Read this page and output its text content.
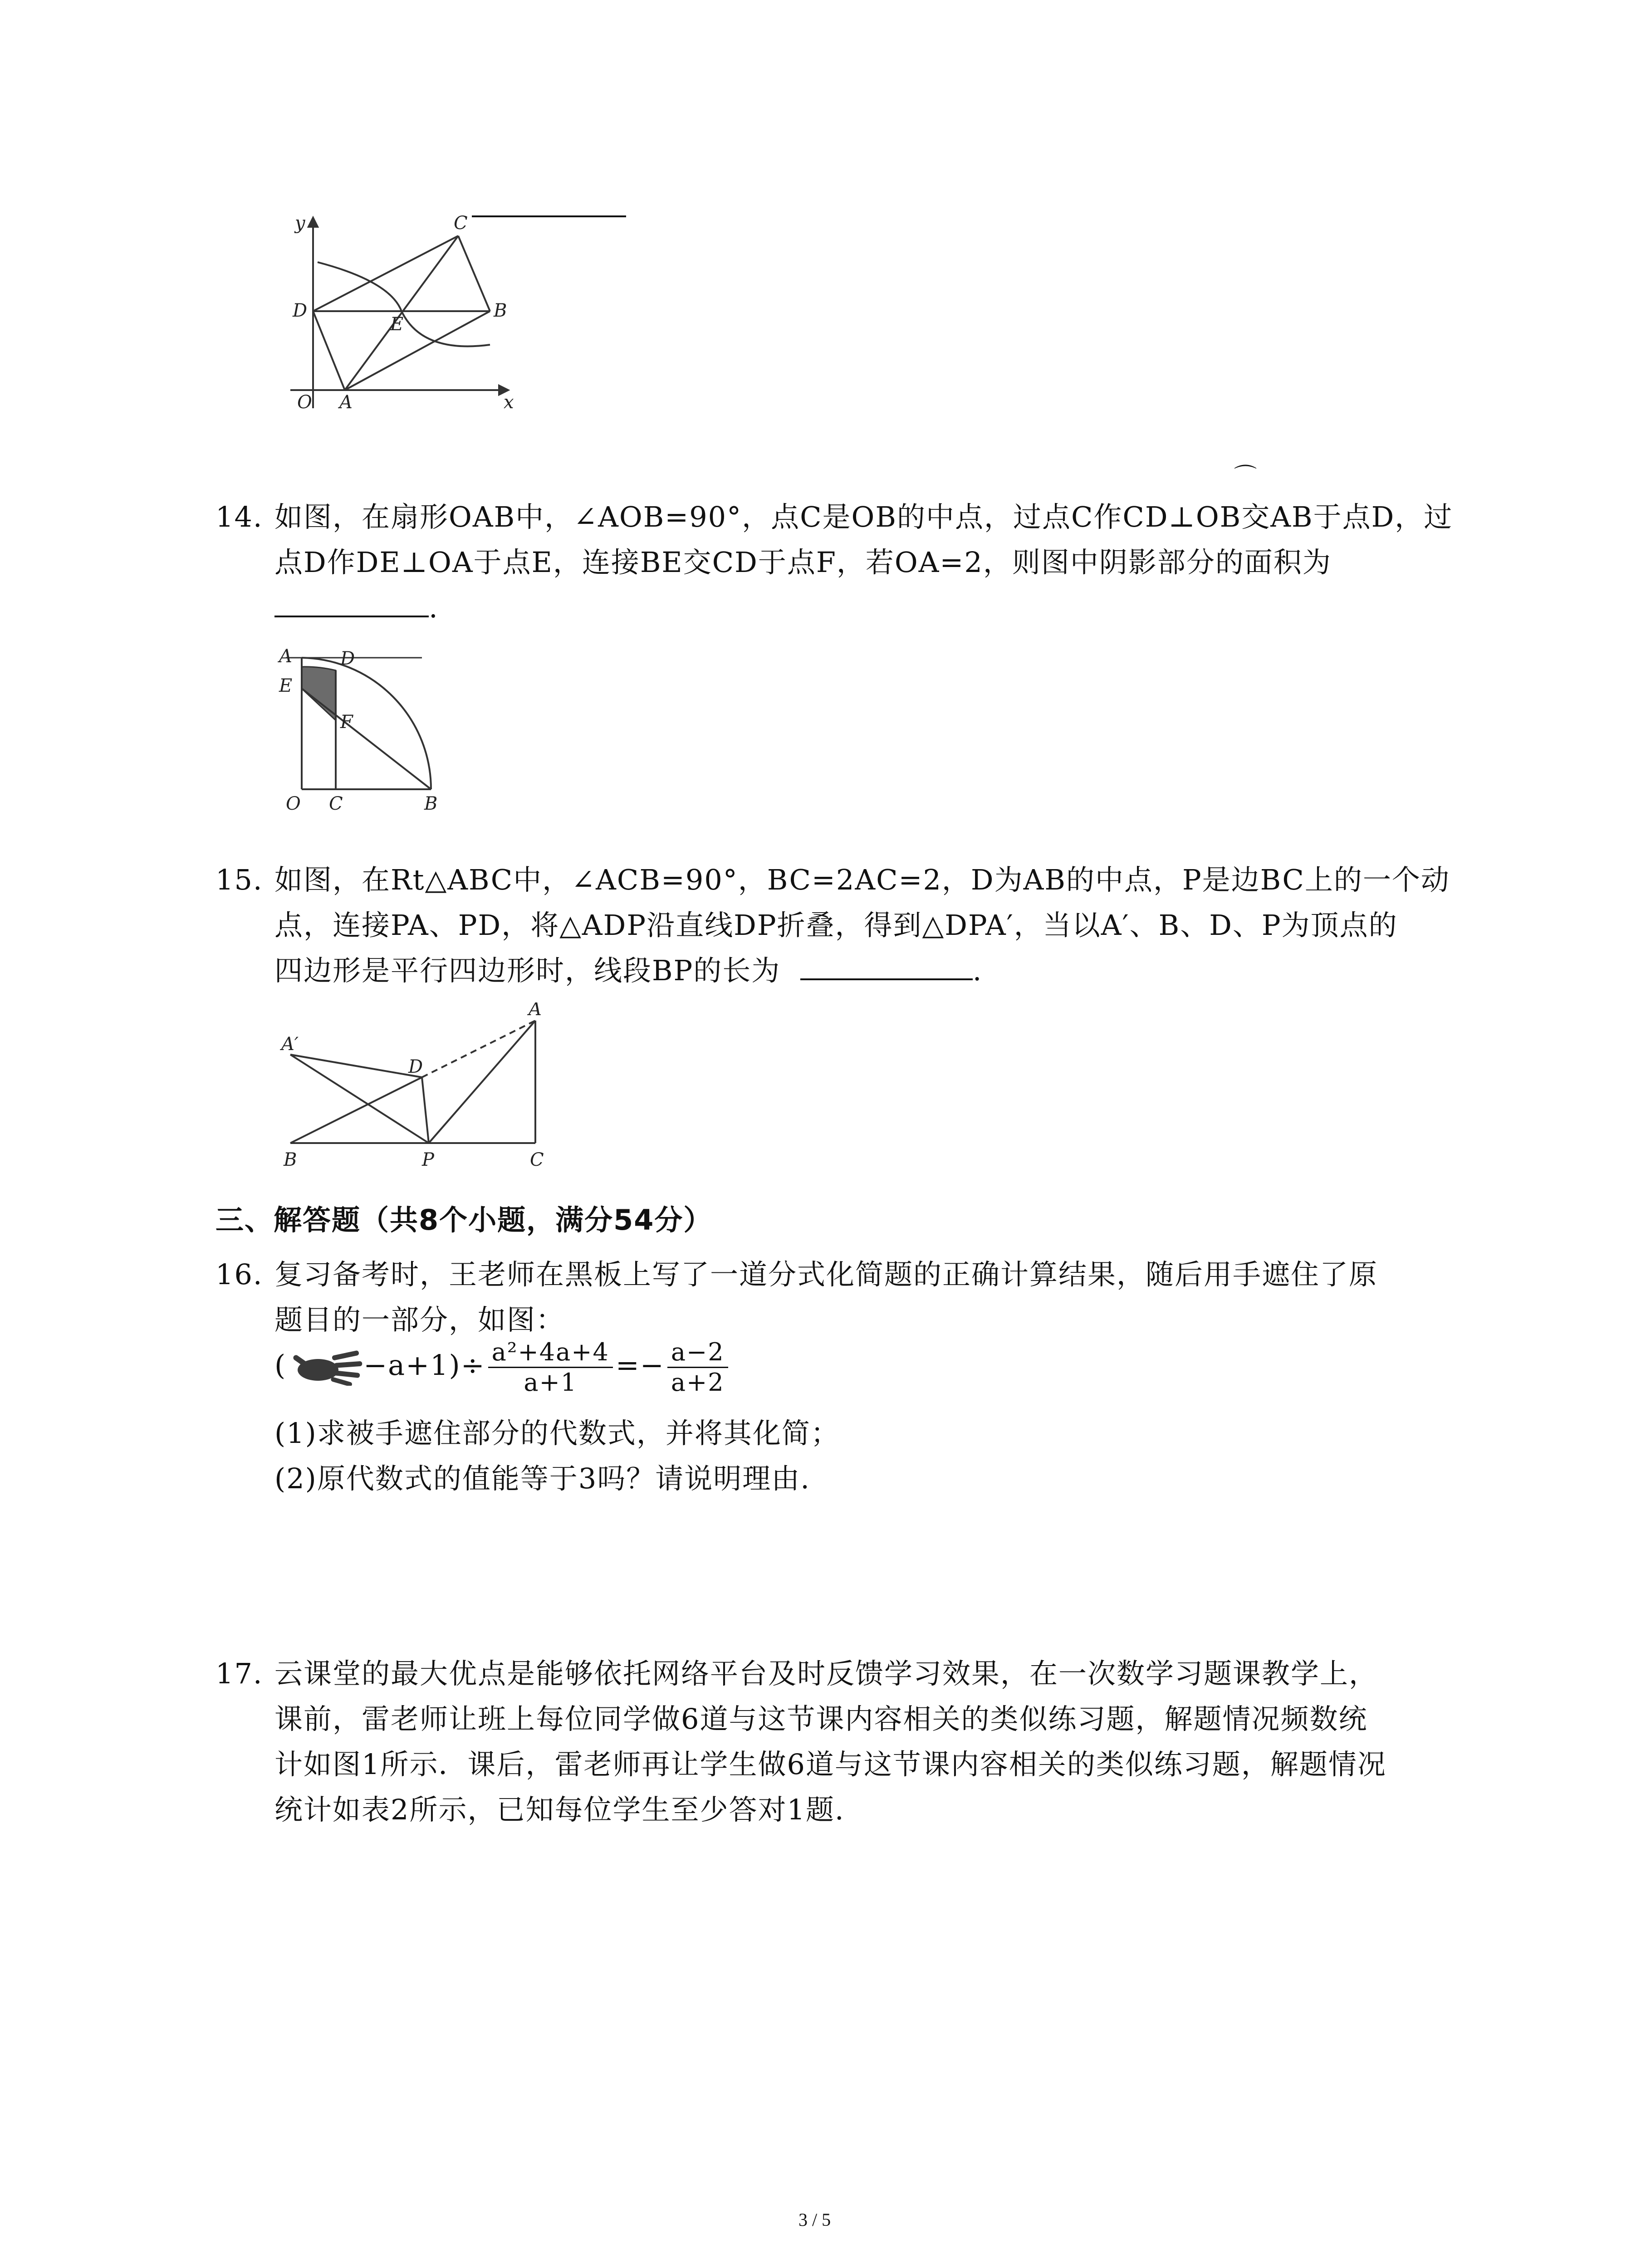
y
x
O A
B
C
D
E
⌒
14. 如图，在扇形OAB中，∠AOB=90°，点C是OB的中点，过点C作CD⊥OB交AB于点D，过
点D作DE⊥OA于点E，连接BE交CD于点F，若OA=2，则图中阴影部分的面积为
.
A	D
E
F
O C	B
15. 如图，在Rt△ABC中，∠ACB=90°，BC=2AC=2，D为AB的中点，P是边BC上的一个动
点，连接PA、PD，将△ADP沿直线DP折叠，得到△DPA′，当以A′、B、D、P为顶点的
四边形是平行四边形时，线段BP的长为	.
A
A′
D
B	P	C
三、解答题（共8个小题，满分54分）
16. 复习备考时，王老师在黑板上写了一道分式化简题的正确计算结果，随后用手遮住了原
题目的一部分，如图：
(	$-a+1)\div \frac{\text{a²+4a+4}}{a+1} =- \frac{a-2}{a+2}$
(1)求被手遮住部分的代数式，并将其化简；
(2)原代数式的值能等于3吗？请说明理由.
17. 云课堂的最大优点是能够依托网络平台及时反馈学习效果，在一次数学习题课教学上，
课前，雷老师让班上每位同学做6道与这节课内容相关的类似练习题，解题情况频数统
计如图1所示．课后，雷老师再让学生做6道与这节课内容相关的类似练习题，解题情况
统计如表2所示，已知每位学生至少答对1题.
3 / 5
